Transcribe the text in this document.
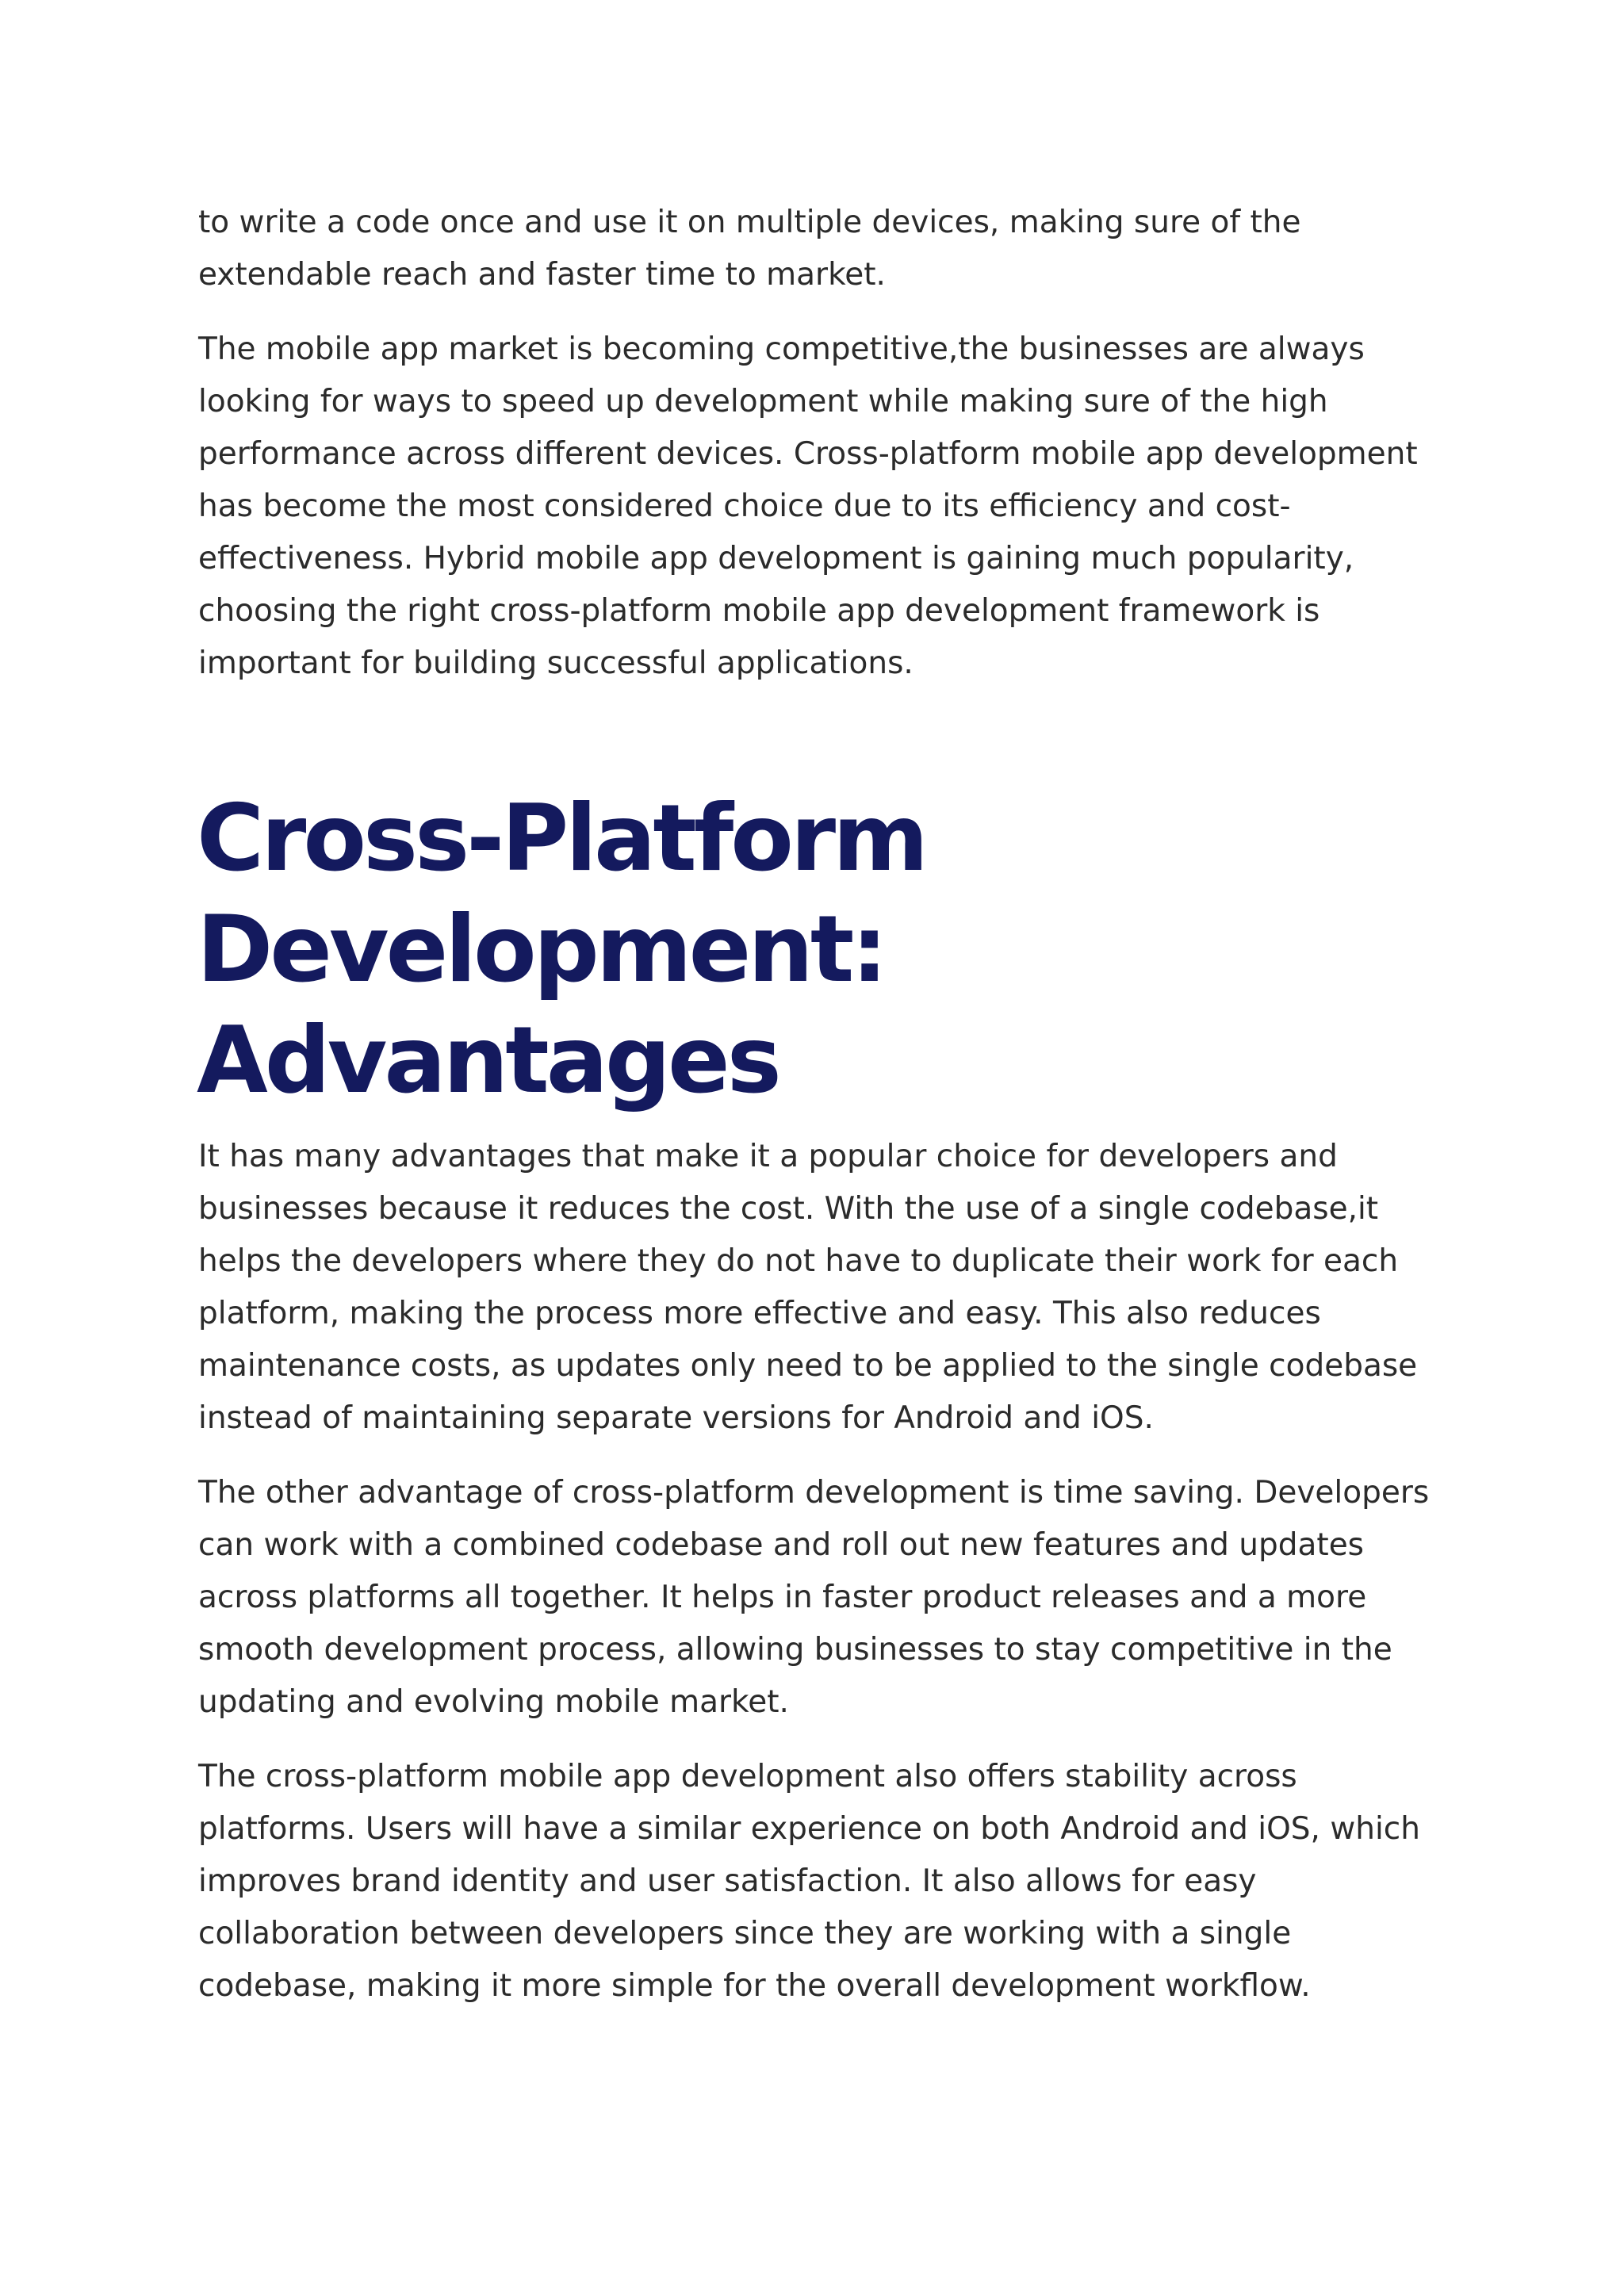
to write a code once and use it on multiple devices, making sure of the extendable reach and faster time to market.

The mobile app market is becoming competitive,the businesses are always looking for ways to speed up development while making sure of the high performance across different devices. Cross-platform mobile app development has become the most considered choice due to its efficiency and cost-effectiveness. Hybrid mobile app development is gaining much popularity, choosing the right cross-platform mobile app development framework is important for building successful applications.

Cross-Platform Development: Advantages

It has many advantages that make it a popular choice for developers and businesses because it reduces the cost. With the use of a single codebase,it helps the developers where they do not have to duplicate their work for each platform, making the process more effective and easy. This also reduces maintenance costs, as updates only need to be applied to the single codebase instead of maintaining separate versions for Android and iOS.

The other advantage of cross-platform development is time saving. Developers can work with a combined codebase and roll out new features and updates across platforms all together. It helps in faster product releases and a more smooth development process, allowing businesses to stay competitive in the updating and evolving mobile market.

The cross-platform mobile app development also offers stability across platforms. Users will have a similar experience on both Android and iOS, which improves brand identity and user satisfaction. It also allows for easy collaboration between developers since they are working with a single codebase, making it more simple for the overall development workflow.
